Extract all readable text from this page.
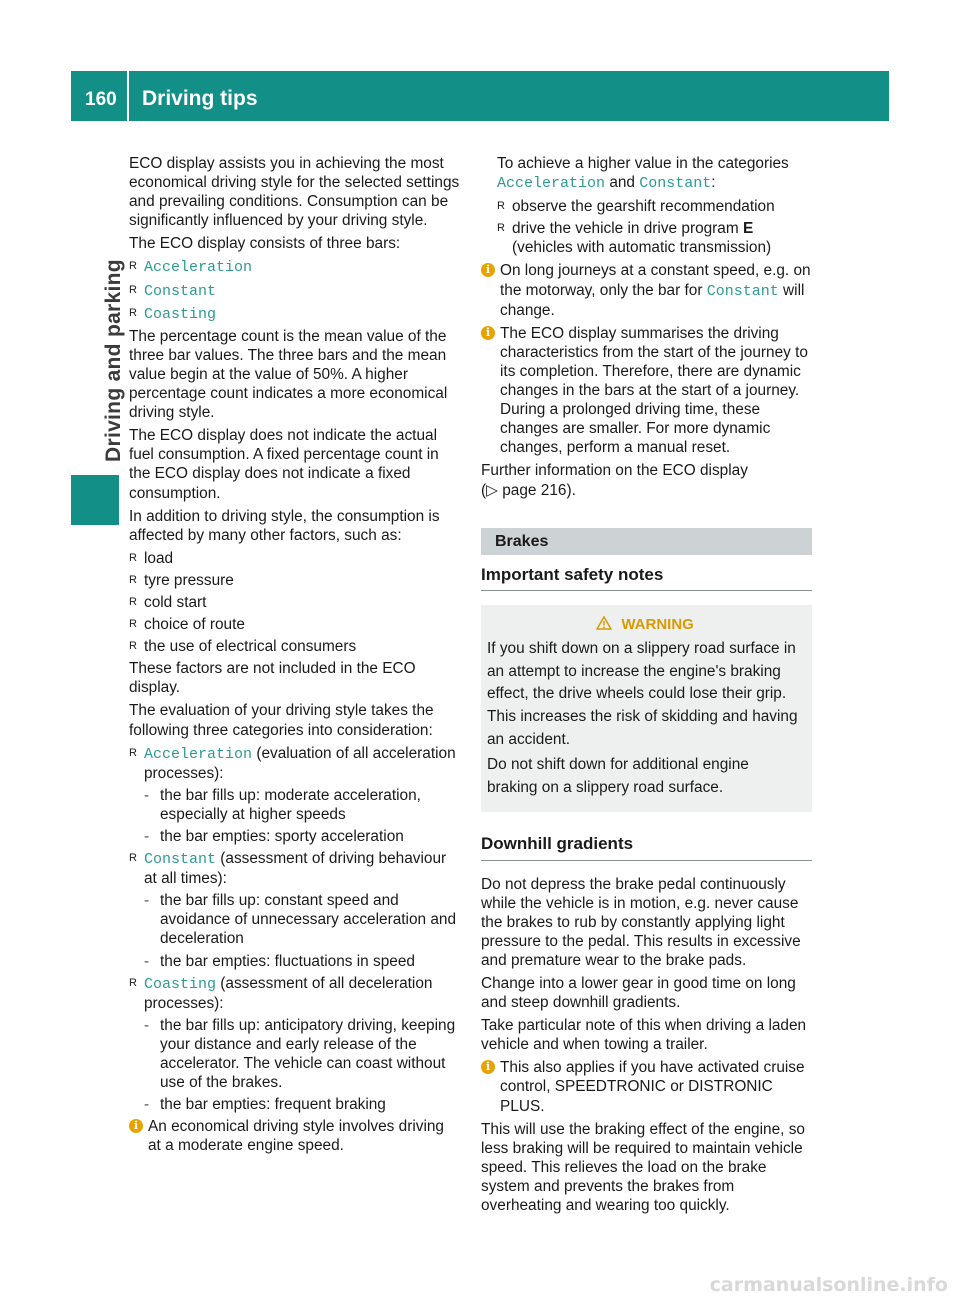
160	Driving tips
Driving and parking

ECO display assists you in achieving the most economical driving style for the selected settings and prevailing conditions. Consumption can be significantly influenced by your driving style.

The ECO display consists of three bars:

R Acceleration
R Constant
R Coasting

The percentage count is the mean value of the three bar values. The three bars and the mean value begin at the value of 50%. A higher percentage count indicates a more economical driving style.

The ECO display does not indicate the actual fuel consumption. A fixed percentage count in the ECO display does not indicate a fixed consumption.

In addition to driving style, the consumption is affected by many other factors, such as:

R load
R tyre pressure
R cold start
R choice of route
R the use of electrical consumers

These factors are not included in the ECO display.

The evaluation of your driving style takes the following three categories into consideration:

R Acceleration (evaluation of all acceleration processes):
- the bar fills up: moderate acceleration, especially at higher speeds
- the bar empties: sporty acceleration
R Constant (assessment of driving behaviour at all times):
- the bar fills up: constant speed and avoidance of unnecessary acceleration and deceleration
- the bar empties: fluctuations in speed
R Coasting (assessment of all deceleration processes):
- the bar fills up: anticipatory driving, keeping your distance and early release of the accelerator. The vehicle can coast without use of the brakes.
- the bar empties: frequent braking
i An economical driving style involves driving at a moderate engine speed.

To achieve a higher value in the categories
Acceleration and Constant:

R observe the gearshift recommendation
R drive the vehicle in drive program E (vehicles with automatic transmission)
i On long journeys at a constant speed, e.g. on the motorway, only the bar for Constant will change.
i The ECO display summarises the driving characteristics from the start of the journey to its completion. Therefore, there are dynamic changes in the bars at the start of a journey. During a prolonged driving time, these changes are smaller. For more dynamic changes, perform a manual reset.

Further information on the ECO display
(▷ page 216).

Brakes
Important safety notes
WARNING

If you shift down on a slippery road surface in an attempt to increase the engine's braking effect, the drive wheels could lose their grip. This increases the risk of skidding and having an accident.

Do not shift down for additional engine braking on a slippery road surface.

Downhill gradients

Do not depress the brake pedal continuously while the vehicle is in motion, e.g. never cause the brakes to rub by constantly applying light pressure to the pedal. This results in excessive and premature wear to the brake pads.

Change into a lower gear in good time on long and steep downhill gradients.

Take particular note of this when driving a laden vehicle and when towing a trailer.

i This also applies if you have activated cruise control, SPEEDTRONIC or DISTRONIC PLUS.

This will use the braking effect of the engine, so less braking will be required to maintain vehicle speed. This relieves the load on the brake system and prevents the brakes from overheating and wearing too quickly.

carmanualsonline.info
